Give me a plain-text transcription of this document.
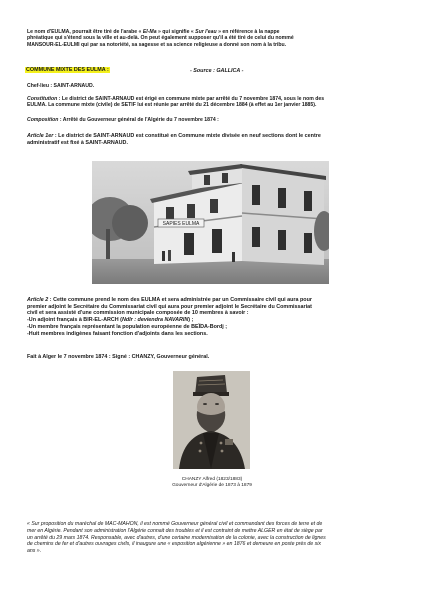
Le nom d'EULMA, pourrait être tiré de l'arabe « El-Ma » qui signifie « Sur l'eau » en référence à la nappe
phréatique qui s'étend sous la ville et au-delà. On peut également supposer qu'il a été tiré de celui du nommé
MANSOUR-EL-EULMI qui par sa notoriété, sa sagesse et sa science religieuse a donné son nom à la tribu.
COMMUNE MIXTE DES EULMA :	- Source : GALLICA -
Chef-lieu : SAINT-ARNAUD.
Constitution : Le district de SAINT-ARNAUD est érigé en commune mixte par arrêté du 7 novembre 1874, sous le nom des
EULMA. La commune mixte (civile) de SETIF lui est réunie par arrêté du 21 décembre 1884 (à effet au 1er janvier 1885).
Composition : Arrêté du Gouverneur général de l'Algérie du 7 novembre 1874 :
Article 1er : Le district de SAINT-ARNAUD est constitué en Commune mixte divisée en neuf sections dont le centre
administratif est fixé à SAINT-ARNAUD.
SAPIES EULMA
Article 2 : Cette commune prend le nom des EULMA et sera administrée par un Commissaire civil qui aura pour
premier adjoint le Secrétaire du Commissariat civil qui aura pour premier adjoint le Secrétaire du Commissariat
civil et sera assisté d'une commission municipale composée de 10 membres à savoir :
-Un adjoint français à BIR-EL-ARCH (Ndlr : deviendra NAVARIN) ;
-Un membre français représentant la population européenne de BEÏDA-Bordj ;
-Huit membres indigènes faisant fonction d'adjoints dans les sections.
Fait à Alger le 7 novembre 1874 : Signé : CHANZY, Gouverneur général.
CHANZY Alfred (1823/1883)
Gouverneur d'Algérie de 1873 à 1879
« Sur proposition du maréchal de MAC-MAHON, il est nommé Gouverneur général civil et commandant des forces de terre et de
mer en Algérie. Pendant son administration l'Algérie connait des troubles et il est contraint de mettre ALGER en état de siège par
un arrêté du 29 mars 1874. Responsable, avec d'autres, d'une certaine modernisation de la colonie, avec la construction de lignes
de chemins de fer et d'autres ouvrages civils, il inaugure une « exposition algérienne » en 1876 et demeure en poste près de six
ans ».
